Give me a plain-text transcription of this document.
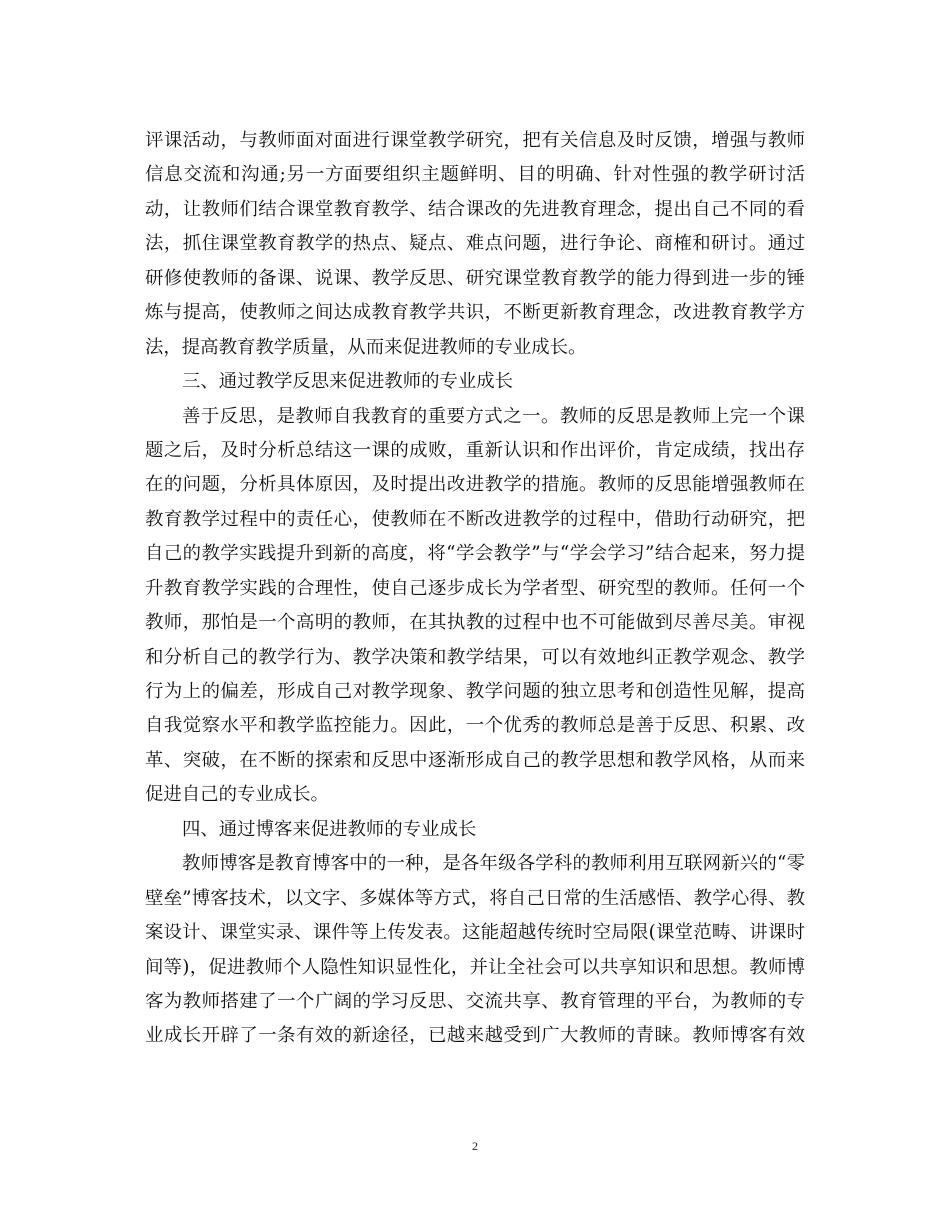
评课活动，与教师面对面进行课堂教学研究，把有关信息及时反馈，增强与教师
信息交流和沟通;另一方面要组织主题鲜明、目的明确、针对性强的教学研讨活
动，让教师们结合课堂教育教学、结合课改的先进教育理念，提出自己不同的看
法，抓住课堂教育教学的热点、疑点、难点问题，进行争论、商榷和研讨。通过
研修使教师的备课、说课、教学反思、研究课堂教育教学的能力得到进一步的锤
炼与提高，使教师之间达成教育教学共识，不断更新教育理念，改进教育教学方
法，提高教育教学质量，从而来促进教师的专业成长。
三、通过教学反思来促进教师的专业成长
善于反思，是教师自我教育的重要方式之一。教师的反思是教师上完一个课
题之后，及时分析总结这一课的成败，重新认识和作出评价，肯定成绩，找出存
在的问题，分析具体原因，及时提出改进教学的措施。教师的反思能增强教师在
教育教学过程中的责任心，使教师在不断改进教学的过程中，借助行动研究，把
自己的教学实践提升到新的高度，将“学会教学”与“学会学习”结合起来，努力提
升教育教学实践的合理性，使自己逐步成长为学者型、研究型的教师。任何一个
教师，那怕是一个高明的教师，在其执教的过程中也不可能做到尽善尽美。审视
和分析自己的教学行为、教学决策和教学结果，可以有效地纠正教学观念、教学
行为上的偏差，形成自己对教学现象、教学问题的独立思考和创造性见解，提高
自我觉察水平和教学监控能力。因此，一个优秀的教师总是善于反思、积累、改
革、突破，在不断的探索和反思中逐渐形成自己的教学思想和教学风格，从而来
促进自己的专业成长。
四、通过博客来促进教师的专业成长
教师博客是教育博客中的一种，是各年级各学科的教师利用互联网新兴的“零
壁垒”博客技术，以文字、多媒体等方式，将自己日常的生活感悟、教学心得、教
案设计、课堂实录、课件等上传发表。这能超越传统时空局限(课堂范畴、讲课时
间等)，促进教师个人隐性知识显性化，并让全社会可以共享知识和思想。教师博
客为教师搭建了一个广阔的学习反思、交流共享、教育管理的平台，为教师的专
业成长开辟了一条有效的新途径，已越来越受到广大教师的青睐。教师博客有效
2
